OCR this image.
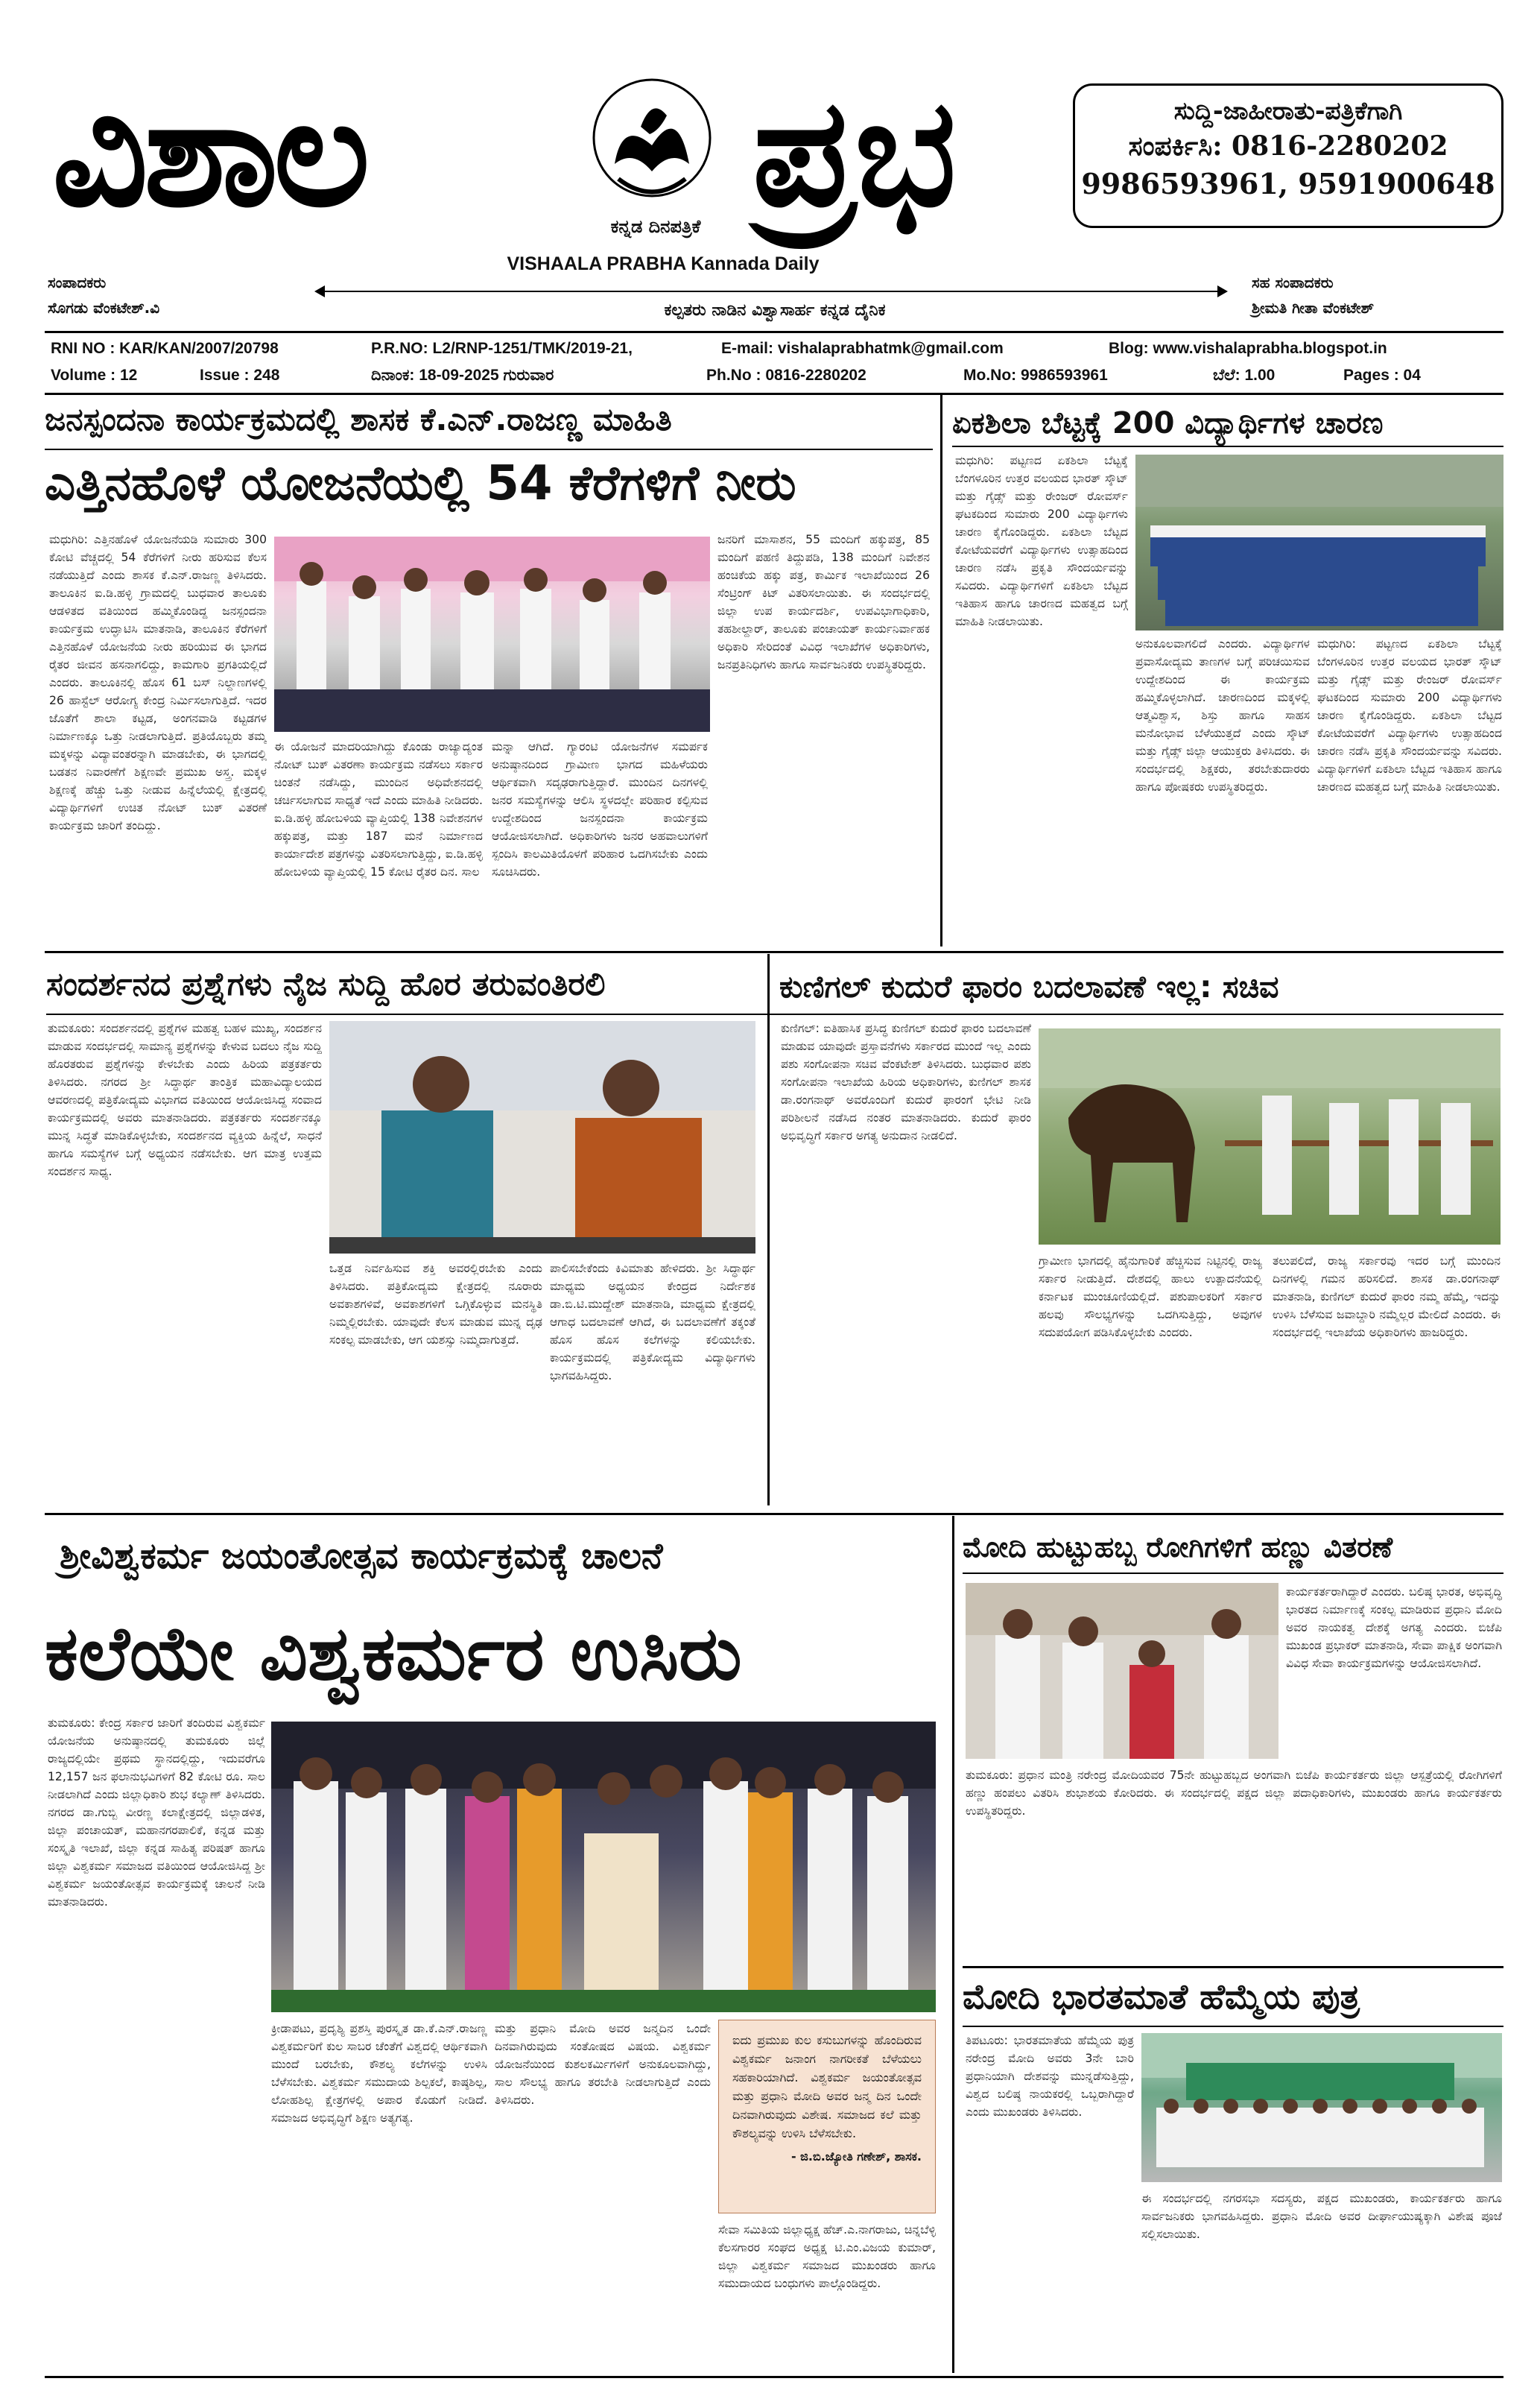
ವಿಶಾಲ	ಪ್ರಭ
ಕನ್ನಡ ದಿನಪತ್ರಿಕೆ
VISHAALA PRABHA Kannada Daily
ಸುದ್ದಿ-ಜಾಹೀರಾತು-ಪತ್ರಿಕೆಗಾಗಿ
ಸಂಪರ್ಕಿಸಿ: 0816-2280202
9986593961, 9591900648
ಸಂಪಾದಕರು
ಸೊಗಡು ವೆಂಕಟೇಶ್.ವಿ
ಸಹ ಸಂಪಾದಕರು
ಶ್ರೀಮತಿ ಗೀತಾ ವೆಂಕಟೇಶ್
ಕಲ್ಪತರು ನಾಡಿನ ವಿಶ್ವಾಸಾರ್ಹ ಕನ್ನಡ ದೈನಿಕ
RNI NO : KAR/KAN/2007/20798	P.R.NO: L2/RNP-1251/TMK/2019-21,	E-mail: vishalaprabhatmk@gmail.com	Blog: www.vishalaprabha.blogspot.in
Volume : 12	Issue : 248	ದಿನಾಂಕ: 18-09-2025 ಗುರುವಾರ	Ph.No : 0816-2280202	Mo.No: 9986593961	ಬೆಲೆ: 1.00	Pages : 04
ಜನಸ್ಪಂದನಾ ಕಾರ್ಯಕ್ರಮದಲ್ಲಿ ಶಾಸಕ ಕೆ.ಎನ್.ರಾಜಣ್ಣ ಮಾಹಿತಿ
ಎತ್ತಿನಹೊಳೆ ಯೋಜನೆಯಲ್ಲಿ 54 ಕೆರೆಗಳಿಗೆ ನೀರು
ಮಧುಗಿರಿ: ಎತ್ತಿನಹೊಳೆ ಯೋಜನೆಯಡಿ ಸುಮಾರು 300 ಕೋಟಿ ವೆಚ್ಚದಲ್ಲಿ 54 ಕೆರೆಗಳಿಗೆ ನೀರು ಹರಿಸುವ ಕೆಲಸ ನಡೆಯುತ್ತಿದೆ ಎಂದು ಶಾಸಕ ಕೆ.ಎನ್.ರಾಜಣ್ಣ ತಿಳಿಸಿದರು. ತಾಲೂಕಿನ ಐ.ಡಿ.ಹಳ್ಳಿ ಗ್ರಾಮದಲ್ಲಿ ಬುಧವಾರ ತಾಲೂಕು ಆಡಳಿತದ ವತಿಯಿಂದ ಹಮ್ಮಿಕೊಂಡಿದ್ದ ಜನಸ್ಪಂದನಾ ಕಾರ್ಯಕ್ರಮ ಉದ್ಘಾಟಿಸಿ ಮಾತನಾಡಿ, ತಾಲೂಕಿನ ಕೆರೆಗಳಿಗೆ ಎತ್ತಿನಹೊಳೆ ಯೋಜನೆಯ ನೀರು ಹರಿಯುವ ಈ ಭಾಗದ ರೈತರ ಜೀವನ ಹಸನಾಗಲಿದ್ದು, ಕಾಮಗಾರಿ ಪ್ರಗತಿಯಲ್ಲಿದೆ ಎಂದರು. ತಾಲೂಕಿನಲ್ಲಿ ಹೊಸ 61 ಬಸ್ ನಿಲ್ದಾಣಗಳಲ್ಲಿ 26 ಹಾಸ್ಟೆಲ್ ಆರೋಗ್ಯ ಕೇಂದ್ರ ನಿರ್ಮಿಸಲಾಗುತ್ತಿದೆ. ಇದರ ಜೊತೆಗೆ ಶಾಲಾ ಕಟ್ಟಡ, ಅಂಗನವಾಡಿ ಕಟ್ಟಡಗಳ ನಿರ್ಮಾಣಕ್ಕೂ ಒತ್ತು ನೀಡಲಾಗುತ್ತಿದೆ. ಪ್ರತಿಯೊಬ್ಬರು ತಮ್ಮ ಮಕ್ಕಳನ್ನು ವಿದ್ಯಾವಂತರನ್ನಾಗಿ ಮಾಡಬೇಕು, ಈ ಭಾಗದಲ್ಲಿ ಬಡತನ ನಿವಾರಣೆಗೆ ಶಿಕ್ಷಣವೇ ಪ್ರಮುಖ ಅಸ್ತ್ರ. ಮಕ್ಕಳ ಶಿಕ್ಷಣಕ್ಕೆ ಹೆಚ್ಚು ಒತ್ತು ನೀಡುವ ಹಿನ್ನೆಲೆಯಲ್ಲಿ ಕ್ಷೇತ್ರದಲ್ಲಿ ವಿದ್ಯಾರ್ಥಿಗಳಿಗೆ ಉಚಿತ ನೋಟ್ ಬುಕ್ ವಿತರಣೆ ಕಾರ್ಯಕ್ರಮ ಜಾರಿಗೆ ತಂದಿದ್ದು.
ಈ ಯೋಜನೆ ಮಾದರಿಯಾಗಿದ್ದು ಕೊಂಡು ರಾಜ್ಯಾದ್ಯಂತ ನೋಟ್ ಬುಕ್ ವಿತರಣಾ ಕಾರ್ಯಕ್ರಮ ನಡೆಸಲು ಸರ್ಕಾರ ಚಿಂತನೆ ನಡೆಸಿದ್ದು, ಮುಂದಿನ ಅಧಿವೇಶನದಲ್ಲಿ ಚರ್ಚಿಸಲಾಗುವ ಸಾಧ್ಯತೆ ಇದೆ ಎಂದು ಮಾಹಿತಿ ನೀಡಿದರು. ಐ.ಡಿ.ಹಳ್ಳಿ ಹೋಬಳಿಯ ವ್ಯಾಪ್ತಿಯಲ್ಲಿ 138 ನಿವೇಶನಗಳ ಹಕ್ಕುಪತ್ರ, ಮತ್ತು 187 ಮನೆ ನಿರ್ಮಾಣದ ಕಾರ್ಯಾದೇಶ ಪತ್ರಗಳನ್ನು ವಿತರಿಸಲಾಗುತ್ತಿದ್ದು, ಐ.ಡಿ.ಹಳ್ಳಿ ಹೋಬಳಿಯ ವ್ಯಾಪ್ತಿಯಲ್ಲಿ 15 ಕೋಟಿ ರೈತರ ದಿನ. ಸಾಲ
ಮನ್ನಾ ಆಗಿದೆ. ಗ್ಯಾರಂಟಿ ಯೋಜನೆಗಳ ಸಮರ್ಪಕ ಅನುಷ್ಠಾನದಿಂದ ಗ್ರಾಮೀಣ ಭಾಗದ ಮಹಿಳೆಯರು ಆರ್ಥಿಕವಾಗಿ ಸದೃಢರಾಗುತ್ತಿದ್ದಾರೆ. ಮುಂದಿನ ದಿನಗಳಲ್ಲಿ ಜನರ ಸಮಸ್ಯೆಗಳನ್ನು ಆಲಿಸಿ ಸ್ಥಳದಲ್ಲೇ ಪರಿಹಾರ ಕಲ್ಪಿಸುವ ಉದ್ದೇಶದಿಂದ ಜನಸ್ಪಂದನಾ ಕಾರ್ಯಕ್ರಮ ಆಯೋಜಿಸಲಾಗಿದೆ. ಅಧಿಕಾರಿಗಳು ಜನರ ಅಹವಾಲುಗಳಿಗೆ ಸ್ಪಂದಿಸಿ ಕಾಲಮಿತಿಯೊಳಗೆ ಪರಿಹಾರ ಒದಗಿಸಬೇಕು ಎಂದು ಸೂಚಿಸಿದರು.
ಜನರಿಗೆ ಮಾಸಾಶನ, 55 ಮಂದಿಗೆ ಹಕ್ಕುಪತ್ರ, 85 ಮಂದಿಗೆ ಪಹಣಿ ತಿದ್ದುಪಡಿ, 138 ಮಂದಿಗೆ ನಿವೇಶನ ಹಂಚಿಕೆಯ ಹಕ್ಕು ಪತ್ರ, ಕಾರ್ಮಿಕ ಇಲಾಖೆಯಿಂದ 26 ಸೆಂಟ್ರಿಂಗ್ ಕಿಟ್ ವಿತರಿಸಲಾಯಿತು. ಈ ಸಂದರ್ಭದಲ್ಲಿ ಜಿಲ್ಲಾ ಉಪ ಕಾರ್ಯದರ್ಶಿ, ಉಪವಿಭಾಗಾಧಿಕಾರಿ, ತಹಶೀಲ್ದಾರ್, ತಾಲೂಕು ಪಂಚಾಯತ್ ಕಾರ್ಯನಿರ್ವಾಹಕ ಅಧಿಕಾರಿ ಸೇರಿದಂತೆ ವಿವಿಧ ಇಲಾಖೆಗಳ ಅಧಿಕಾರಿಗಳು, ಜನಪ್ರತಿನಿಧಿಗಳು ಹಾಗೂ ಸಾರ್ವಜನಿಕರು ಉಪಸ್ಥಿತರಿದ್ದರು.
ಏಕಶಿಲಾ ಬೆಟ್ಟಕ್ಕೆ 200 ವಿದ್ಯಾರ್ಥಿಗಳ ಚಾರಣ
ಮಧುಗಿರಿ: ಪಟ್ಟಣದ ಏಕಶಿಲಾ ಬೆಟ್ಟಕ್ಕೆ ಬೆಂಗಳೂರಿನ ಉತ್ತರ ವಲಯದ ಭಾರತ್ ಸ್ಕೌಟ್ ಮತ್ತು ಗೈಡ್ಸ್ ಮತ್ತು ರೇಂಜರ್ ರೋವರ್ಸ್ ಘಟಕದಿಂದ ಸುಮಾರು 200 ವಿದ್ಯಾರ್ಥಿಗಳು ಚಾರಣ ಕೈಗೊಂಡಿದ್ದರು. ಏಕಶಿಲಾ ಬೆಟ್ಟದ ಕೋಟೆಯವರೆಗೆ ವಿದ್ಯಾರ್ಥಿಗಳು ಉತ್ಸಾಹದಿಂದ ಚಾರಣ ನಡೆಸಿ ಪ್ರಕೃತಿ ಸೌಂದರ್ಯವನ್ನು ಸವಿದರು. ವಿದ್ಯಾರ್ಥಿಗಳಿಗೆ ಏಕಶಿಲಾ ಬೆಟ್ಟದ ಇತಿಹಾಸ ಹಾಗೂ ಚಾರಣದ ಮಹತ್ವದ ಬಗ್ಗೆ ಮಾಹಿತಿ ನೀಡಲಾಯಿತು.
ಅನುಕೂಲವಾಗಲಿದೆ ಎಂದರು. ವಿದ್ಯಾರ್ಥಿಗಳ ಪ್ರವಾಸೋದ್ಯಮ ತಾಣಗಳ ಬಗ್ಗೆ ಪರಿಚಯಿಸುವ ಉದ್ದೇಶದಿಂದ ಈ ಕಾರ್ಯಕ್ರಮ ಹಮ್ಮಿಕೊಳ್ಳಲಾಗಿದೆ. ಚಾರಣದಿಂದ ಮಕ್ಕಳಲ್ಲಿ ಆತ್ಮವಿಶ್ವಾಸ, ಶಿಸ್ತು ಹಾಗೂ ಸಾಹಸ ಮನೋಭಾವ ಬೆಳೆಯುತ್ತದೆ ಎಂದು ಸ್ಕೌಟ್ ಮತ್ತು ಗೈಡ್ಸ್ ಜಿಲ್ಲಾ ಆಯುಕ್ತರು ತಿಳಿಸಿದರು. ಈ ಸಂದರ್ಭದಲ್ಲಿ ಶಿಕ್ಷಕರು, ತರಬೇತುದಾರರು ಹಾಗೂ ಪೋಷಕರು ಉಪಸ್ಥಿತರಿದ್ದರು.
ಮಧುಗಿರಿ: ಪಟ್ಟಣದ ಏಕಶಿಲಾ ಬೆಟ್ಟಕ್ಕೆ ಬೆಂಗಳೂರಿನ ಉತ್ತರ ವಲಯದ ಭಾರತ್ ಸ್ಕೌಟ್ ಮತ್ತು ಗೈಡ್ಸ್ ಮತ್ತು ರೇಂಜರ್ ರೋವರ್ಸ್ ಘಟಕದಿಂದ ಸುಮಾರು 200 ವಿದ್ಯಾರ್ಥಿಗಳು ಚಾರಣ ಕೈಗೊಂಡಿದ್ದರು. ಏಕಶಿಲಾ ಬೆಟ್ಟದ ಕೋಟೆಯವರೆಗೆ ವಿದ್ಯಾರ್ಥಿಗಳು ಉತ್ಸಾಹದಿಂದ ಚಾರಣ ನಡೆಸಿ ಪ್ರಕೃತಿ ಸೌಂದರ್ಯವನ್ನು ಸವಿದರು. ವಿದ್ಯಾರ್ಥಿಗಳಿಗೆ ಏಕಶಿಲಾ ಬೆಟ್ಟದ ಇತಿಹಾಸ ಹಾಗೂ ಚಾರಣದ ಮಹತ್ವದ ಬಗ್ಗೆ ಮಾಹಿತಿ ನೀಡಲಾಯಿತು.
ಸಂದರ್ಶನದ ಪ್ರಶ್ನೆಗಳು ನೈಜ ಸುದ್ದಿ ಹೊರ ತರುವಂತಿರಲಿ
ತುಮಕೂರು: ಸಂದರ್ಶನದಲ್ಲಿ ಪ್ರಶ್ನೆಗಳ ಮಹತ್ವ ಬಹಳ ಮುಖ್ಯ, ಸಂದರ್ಶನ ಮಾಡುವ ಸಂದರ್ಭದಲ್ಲಿ ಸಾಮಾನ್ಯ ಪ್ರಶ್ನೆಗಳನ್ನು ಕೇಳುವ ಬದಲು ನೈಜ ಸುದ್ದಿ ಹೊರತರುವ ಪ್ರಶ್ನೆಗಳನ್ನು ಕೇಳಬೇಕು ಎಂದು ಹಿರಿಯ ಪತ್ರಕರ್ತರು ತಿಳಿಸಿದರು. ನಗರದ ಶ್ರೀ ಸಿದ್ಧಾರ್ಥ ತಾಂತ್ರಿಕ ಮಹಾವಿದ್ಯಾಲಯದ ಆವರಣದಲ್ಲಿ ಪತ್ರಿಕೋದ್ಯಮ ವಿಭಾಗದ ವತಿಯಿಂದ ಆಯೋಜಿಸಿದ್ದ ಸಂವಾದ ಕಾರ್ಯಕ್ರಮದಲ್ಲಿ ಅವರು ಮಾತನಾಡಿದರು. ಪತ್ರಕರ್ತರು ಸಂದರ್ಶನಕ್ಕೂ ಮುನ್ನ ಸಿದ್ಧತೆ ಮಾಡಿಕೊಳ್ಳಬೇಕು, ಸಂದರ್ಶನದ ವ್ಯಕ್ತಿಯ ಹಿನ್ನೆಲೆ, ಸಾಧನೆ ಹಾಗೂ ಸಮಸ್ಯೆಗಳ ಬಗ್ಗೆ ಅಧ್ಯಯನ ನಡೆಸಬೇಕು. ಆಗ ಮಾತ್ರ ಉತ್ತಮ ಸಂದರ್ಶನ ಸಾಧ್ಯ.
ಒತ್ತಡ ನಿರ್ವಹಿಸುವ ಶಕ್ತಿ ಅವರಲ್ಲಿರಬೇಕು ಎಂದು ತಿಳಿಸಿದರು. ಪತ್ರಿಕೋದ್ಯಮ ಕ್ಷೇತ್ರದಲ್ಲಿ ನೂರಾರು ಅವಕಾಶಗಳಿವೆ, ಅವಕಾಶಗಳಿಗೆ ಒಗ್ಗಿಕೊಳ್ಳುವ ಮನಸ್ಥಿತಿ ನಿಮ್ಮಲ್ಲಿರಬೇಕು. ಯಾವುದೇ ಕೆಲಸ ಮಾಡುವ ಮುನ್ನ ದೃಢ ಸಂಕಲ್ಪ ಮಾಡಬೇಕು, ಆಗ ಯಶಸ್ಸು ನಿಮ್ಮದಾಗುತ್ತದೆ.
ಪಾಲಿಸಬೇಕೆಂದು ಕಿವಿಮಾತು ಹೇಳಿದರು. ಶ್ರೀ ಸಿದ್ಧಾರ್ಥ ಮಾಧ್ಯಮ ಅಧ್ಯಯನ ಕೇಂದ್ರದ ನಿರ್ದೇಶಕ ಡಾ.ಬಿ.ಟಿ.ಮುದ್ದೇಶ್ ಮಾತನಾಡಿ, ಮಾಧ್ಯಮ ಕ್ಷೇತ್ರದಲ್ಲಿ ಆಗಾಧ ಬದಲಾವಣೆ ಆಗಿದೆ, ಈ ಬದಲಾವಣೆಗೆ ತಕ್ಕಂತೆ ಹೊಸ ಹೊಸ ಕಲೆಗಳನ್ನು ಕಲಿಯಬೇಕು. ಕಾರ್ಯಕ್ರಮದಲ್ಲಿ ಪತ್ರಿಕೋದ್ಯಮ ವಿದ್ಯಾರ್ಥಿಗಳು ಭಾಗವಹಿಸಿದ್ದರು.
ಕುಣಿಗಲ್ ಕುದುರೆ ಫಾರಂ ಬದಲಾವಣೆ ಇಲ್ಲ: ಸಚಿವ
ಕುಣಿಗಲ್: ಐತಿಹಾಸಿಕ ಪ್ರಸಿದ್ಧ ಕುಣಿಗಲ್ ಕುದುರೆ ಫಾರಂ ಬದಲಾವಣೆ ಮಾಡುವ ಯಾವುದೇ ಪ್ರಸ್ತಾವನೆಗಳು ಸರ್ಕಾರದ ಮುಂದೆ ಇಲ್ಲ ಎಂದು ಪಶು ಸಂಗೋಪನಾ ಸಚಿವ ವೆಂಕಟೇಶ್ ತಿಳಿಸಿದರು. ಬುಧವಾರ ಪಶು ಸಂಗೋಪನಾ ಇಲಾಖೆಯ ಹಿರಿಯ ಅಧಿಕಾರಿಗಳು, ಕುಣಿಗಲ್ ಶಾಸಕ ಡಾ.ರಂಗನಾಥ್ ಅವರೊಂದಿಗೆ ಕುದುರೆ ಫಾರಂಗೆ ಭೇಟಿ ನೀಡಿ ಪರಿಶೀಲನೆ ನಡೆಸಿದ ನಂತರ ಮಾತನಾಡಿದರು. ಕುದುರೆ ಫಾರಂ ಅಭಿವೃದ್ಧಿಗೆ ಸರ್ಕಾರ ಅಗತ್ಯ ಅನುದಾನ ನೀಡಲಿದೆ.
ಗ್ರಾಮೀಣ ಭಾಗದಲ್ಲಿ ಹೈನುಗಾರಿಕೆ ಹೆಚ್ಚಿಸುವ ನಿಟ್ಟಿನಲ್ಲಿ ರಾಜ್ಯ ಸರ್ಕಾರ ನೀಡುತ್ತಿದೆ. ದೇಶದಲ್ಲಿ ಹಾಲು ಉತ್ಪಾದನೆಯಲ್ಲಿ ಕರ್ನಾಟಕ ಮುಂಚೂಣಿಯಲ್ಲಿದೆ. ಪಶುಪಾಲಕರಿಗೆ ಸರ್ಕಾರ ಹಲವು ಸೌಲಭ್ಯಗಳನ್ನು ಒದಗಿಸುತ್ತಿದ್ದು, ಅವುಗಳ ಸದುಪಯೋಗ ಪಡಿಸಿಕೊಳ್ಳಬೇಕು ಎಂದರು.
ತಲುಪಲಿದೆ, ರಾಜ್ಯ ಸರ್ಕಾರವು ಇದರ ಬಗ್ಗೆ ಮುಂದಿನ ದಿನಗಳಲ್ಲಿ ಗಮನ ಹರಿಸಲಿದೆ. ಶಾಸಕ ಡಾ.ರಂಗನಾಥ್ ಮಾತನಾಡಿ, ಕುಣಿಗಲ್ ಕುದುರೆ ಫಾರಂ ನಮ್ಮ ಹೆಮ್ಮೆ, ಇದನ್ನು ಉಳಿಸಿ ಬೆಳೆಸುವ ಜವಾಬ್ದಾರಿ ನಮ್ಮೆಲ್ಲರ ಮೇಲಿದೆ ಎಂದರು. ಈ ಸಂದರ್ಭದಲ್ಲಿ ಇಲಾಖೆಯ ಅಧಿಕಾರಿಗಳು ಹಾಜರಿದ್ದರು.
ಶ್ರೀವಿಶ್ವಕರ್ಮ ಜಯಂತೋತ್ಸವ ಕಾರ್ಯಕ್ರಮಕ್ಕೆ ಚಾಲನೆ
ಕಲೆಯೇ ವಿಶ್ವಕರ್ಮರ ಉಸಿರು
ತುಮಕೂರು: ಕೇಂದ್ರ ಸರ್ಕಾರ ಜಾರಿಗೆ ತಂದಿರುವ ವಿಶ್ವಕರ್ಮ ಯೋಜನೆಯ ಅನುಷ್ಠಾನದಲ್ಲಿ ತುಮಕೂರು ಜಿಲ್ಲೆ ರಾಜ್ಯದಲ್ಲಿಯೇ ಪ್ರಥಮ ಸ್ಥಾನದಲ್ಲಿದ್ದು, ಇದುವರೆಗೂ 12,157 ಜನ ಫಲಾನುಭವಿಗಳಿಗೆ 82 ಕೋಟಿ ರೂ. ಸಾಲ ನೀಡಲಾಗಿದೆ ಎಂದು ಜಿಲ್ಲಾಧಿಕಾರಿ ಶುಭ ಕಲ್ಯಾಣ್ ತಿಳಿಸಿದರು. ನಗರದ ಡಾ.ಗುಬ್ಬಿ ವೀರಣ್ಣ ಕಲಾಕ್ಷೇತ್ರದಲ್ಲಿ ಜಿಲ್ಲಾಡಳಿತ, ಜಿಲ್ಲಾ ಪಂಚಾಯತ್, ಮಹಾನಗರಪಾಲಿಕೆ, ಕನ್ನಡ ಮತ್ತು ಸಂಸ್ಕೃತಿ ಇಲಾಖೆ, ಜಿಲ್ಲಾ ಕನ್ನಡ ಸಾಹಿತ್ಯ ಪರಿಷತ್ ಹಾಗೂ ಜಿಲ್ಲಾ ವಿಶ್ವಕರ್ಮ ಸಮಾಜದ ವತಿಯಿಂದ ಆಯೋಜಿಸಿದ್ದ ಶ್ರೀ ವಿಶ್ವಕರ್ಮ ಜಯಂತೋತ್ಸವ ಕಾರ್ಯಕ್ರಮಕ್ಕೆ ಚಾಲನೆ ನೀಡಿ ಮಾತನಾಡಿದರು.
ಕ್ರೀಡಾಪಟು, ಪ್ರದೃಶ್ಯಿ ಪ್ರಶಸ್ತಿ ಪುರಸ್ಕೃತ ಡಾ.ಕೆ.ಎನ್.ರಾಜಣ್ಣ ವಿಶ್ವಕರ್ಮರಿಗೆ ಕುಲ ಸಾಬರ ಚೆಂತೆಗೆ ವಿಶ್ವದಲ್ಲಿ ಆರ್ಥಿಕವಾಗಿ ಮುಂದೆ ಬರಬೇಕು, ಕೌಶಲ್ಯ ಕಲೆಗಳನ್ನು ಉಳಿಸಿ ಬೆಳೆಸಬೇಕು. ವಿಶ್ವಕರ್ಮ ಸಮುದಾಯ ಶಿಲ್ಪಕಲೆ, ಕಾಷ್ಠಶಿಲ್ಪ, ಲೋಹಶಿಲ್ಪ ಕ್ಷೇತ್ರಗಳಲ್ಲಿ ಅಪಾರ ಕೊಡುಗೆ ನೀಡಿದೆ. ಸಮಾಜದ ಅಭಿವೃದ್ಧಿಗೆ ಶಿಕ್ಷಣ ಅತ್ಯಗತ್ಯ.
ಮತ್ತು ಪ್ರಧಾನಿ ಮೋದಿ ಅವರ ಜನ್ಮದಿನ ಒಂದೇ ದಿನವಾಗಿರುವುದು ಸಂತೋಷದ ವಿಷಯ. ವಿಶ್ವಕರ್ಮ ಯೋಜನೆಯಿಂದ ಕುಶಲಕರ್ಮಿಗಳಿಗೆ ಅನುಕೂಲವಾಗಿದ್ದು, ಸಾಲ ಸೌಲಭ್ಯ ಹಾಗೂ ತರಬೇತಿ ನೀಡಲಾಗುತ್ತಿದೆ ಎಂದು ತಿಳಿಸಿದರು.
ಐದು ಪ್ರಮುಖ ಕುಲ ಕಸುಬುಗಳನ್ನು ಹೊಂದಿರುವ ವಿಶ್ವಕರ್ಮ ಜನಾಂಗ ನಾಗರೀಕತೆ ಬೆಳೆಯಲು ಸಹಕಾರಿಯಾಗಿದೆ. ವಿಶ್ವಕರ್ಮ ಜಯಂತೋತ್ಸವ ಮತ್ತು ಪ್ರಧಾನಿ ಮೋದಿ ಅವರ ಜನ್ಮ ದಿನ ಒಂದೇ ದಿನವಾಗಿರುವುದು ವಿಶೇಷ. ಸಮಾಜದ ಕಲೆ ಮತ್ತು ಕೌಶಲ್ಯವನ್ನು ಉಳಿಸಿ ಬೆಳೆಸಬೇಕು.
- ಜಿ.ಬಿ.ಜ್ಯೋತಿ ಗಣೇಶ್, ಶಾಸಕ.
ಸೇವಾ ಸಮಿತಿಯ ಜಿಲ್ಲಾಧ್ಯಕ್ಷ ಹೆಚ್.ಎ.ನಾಗರಾಜು, ಚಿನ್ನಬೆಳ್ಳಿ ಕೆಲಸಗಾರರ ಸಂಘದ ಅಧ್ಯಕ್ಷ ಟಿ.ಎಂ.ವಿಜಯ ಕುಮಾರ್, ಜಿಲ್ಲಾ ವಿಶ್ವಕರ್ಮ ಸಮಾಜದ ಮುಖಂಡರು ಹಾಗೂ ಸಮುದಾಯದ ಬಂಧುಗಳು ಪಾಲ್ಗೊಂಡಿದ್ದರು.
ಮೋದಿ ಹುಟ್ಟುಹಬ್ಬ ರೋಗಿಗಳಿಗೆ ಹಣ್ಣು ವಿತರಣೆ
ಕಾರ್ಯಕರ್ತರಾಗಿದ್ದಾರೆ ಎಂದರು. ಬಲಿಷ್ಠ ಭಾರತ, ಅಭಿವೃದ್ಧಿ ಭಾರತದ ನಿರ್ಮಾಣಕ್ಕೆ ಸಂಕಲ್ಪ ಮಾಡಿರುವ ಪ್ರಧಾನಿ ಮೋದಿ ಅವರ ನಾಯಕತ್ವ ದೇಶಕ್ಕೆ ಅಗತ್ಯ ಎಂದರು. ಬಿಜೆಪಿ ಮುಖಂಡ ಪ್ರಭಾಕರ್ ಮಾತನಾಡಿ, ಸೇವಾ ಪಾಕ್ಷಿಕ ಅಂಗವಾಗಿ ವಿವಿಧ ಸೇವಾ ಕಾರ್ಯಕ್ರಮಗಳನ್ನು ಆಯೋಜಿಸಲಾಗಿದೆ.
ತುಮಕೂರು: ಪ್ರಧಾನ ಮಂತ್ರಿ ನರೇಂದ್ರ ಮೋದಿಯವರ 75ನೇ ಹುಟ್ಟುಹಬ್ಬದ ಅಂಗವಾಗಿ ಬಿಜೆಪಿ ಕಾರ್ಯಕರ್ತರು ಜಿಲ್ಲಾ ಆಸ್ಪತ್ರೆಯಲ್ಲಿ ರೋಗಿಗಳಿಗೆ ಹಣ್ಣು ಹಂಪಲು ವಿತರಿಸಿ ಶುಭಾಶಯ ಕೋರಿದರು. ಈ ಸಂದರ್ಭದಲ್ಲಿ ಪಕ್ಷದ ಜಿಲ್ಲಾ ಪದಾಧಿಕಾರಿಗಳು, ಮುಖಂಡರು ಹಾಗೂ ಕಾರ್ಯಕರ್ತರು ಉಪಸ್ಥಿತರಿದ್ದರು.
ಮೋದಿ ಭಾರತಮಾತೆ ಹೆಮ್ಮೆಯ ಪುತ್ರ
ತಿಪಟೂರು: ಭಾರತಮಾತೆಯ ಹೆಮ್ಮೆಯ ಪುತ್ರ ನರೇಂದ್ರ ಮೋದಿ ಅವರು 3ನೇ ಬಾರಿ ಪ್ರಧಾನಿಯಾಗಿ ದೇಶವನ್ನು ಮುನ್ನಡೆಸುತ್ತಿದ್ದು, ವಿಶ್ವದ ಬಲಿಷ್ಠ ನಾಯಕರಲ್ಲಿ ಒಬ್ಬರಾಗಿದ್ದಾರೆ ಎಂದು ಮುಖಂಡರು ತಿಳಿಸಿದರು.
ಈ ಸಂದರ್ಭದಲ್ಲಿ ನಗರಸಭಾ ಸದಸ್ಯರು, ಪಕ್ಷದ ಮುಖಂಡರು, ಕಾರ್ಯಕರ್ತರು ಹಾಗೂ ಸಾರ್ವಜನಿಕರು ಭಾಗವಹಿಸಿದ್ದರು. ಪ್ರಧಾನಿ ಮೋದಿ ಅವರ ದೀರ್ಘಾಯುಷ್ಯಕ್ಕಾಗಿ ವಿಶೇಷ ಪೂಜೆ ಸಲ್ಲಿಸಲಾಯಿತು.
